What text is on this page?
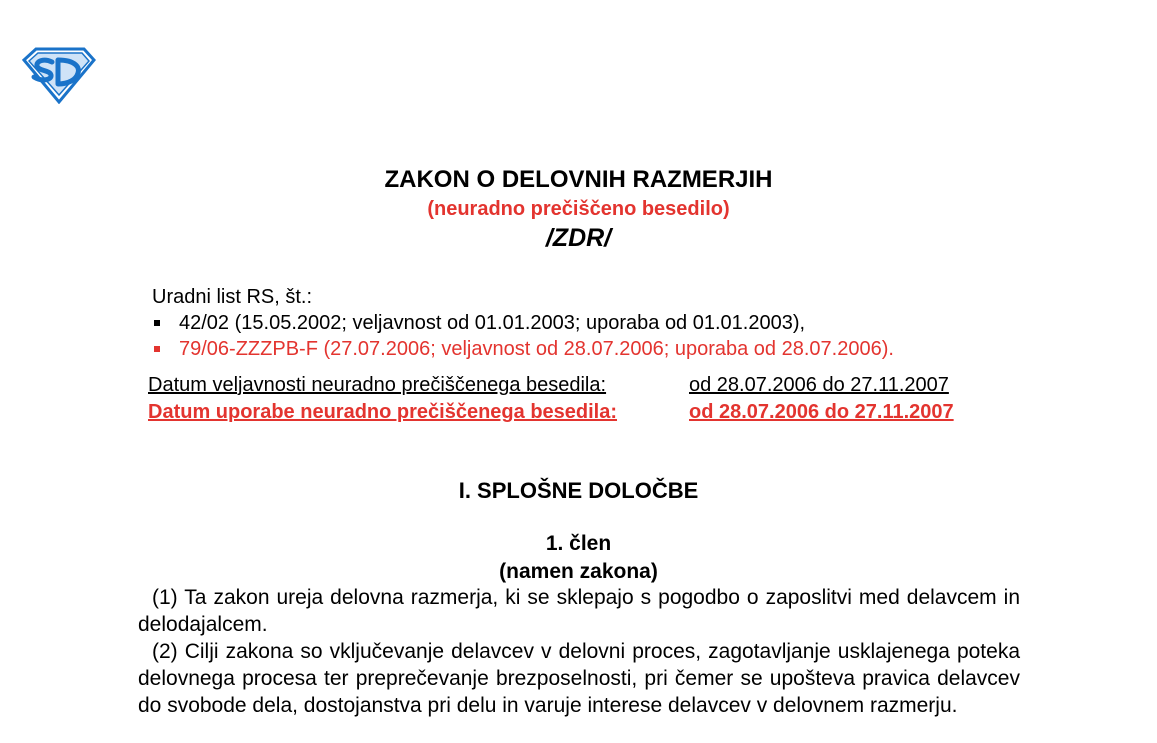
ZAKON O DELOVNIH RAZMERJIH
(neuradno prečiščeno besedilo)
/ZDR/
Uradni list RS, št.:
42/02 (15.05.2002; veljavnost od 01.01.2003; uporaba od 01.01.2003),
79/06-ZZZPB-F (27.07.2006; veljavnost od 28.07.2006; uporaba od 28.07.2006).
Datum veljavnosti neuradno prečiščenega besedila:	od 28.07.2006 do 27.11.2007
Datum uporabe neuradno prečiščenega besedila:	od 28.07.2006 do 27.11.2007
I. SPLOŠNE DOLOČBE
1. člen
(namen zakona)

(1) Ta zakon ureja delovna razmerja, ki se sklepajo s pogodbo o zaposlitvi med delavcem in delodajalcem.

(2) Cilji zakona so vključevanje delavcev v delovni proces, zagotavljanje usklajenega poteka delovnega procesa ter preprečevanje brezposelnosti, pri čemer se upošteva pravica delavcev do svobode dela, dostojanstva pri delu in varuje interese delavcev v delovnem razmerju.
